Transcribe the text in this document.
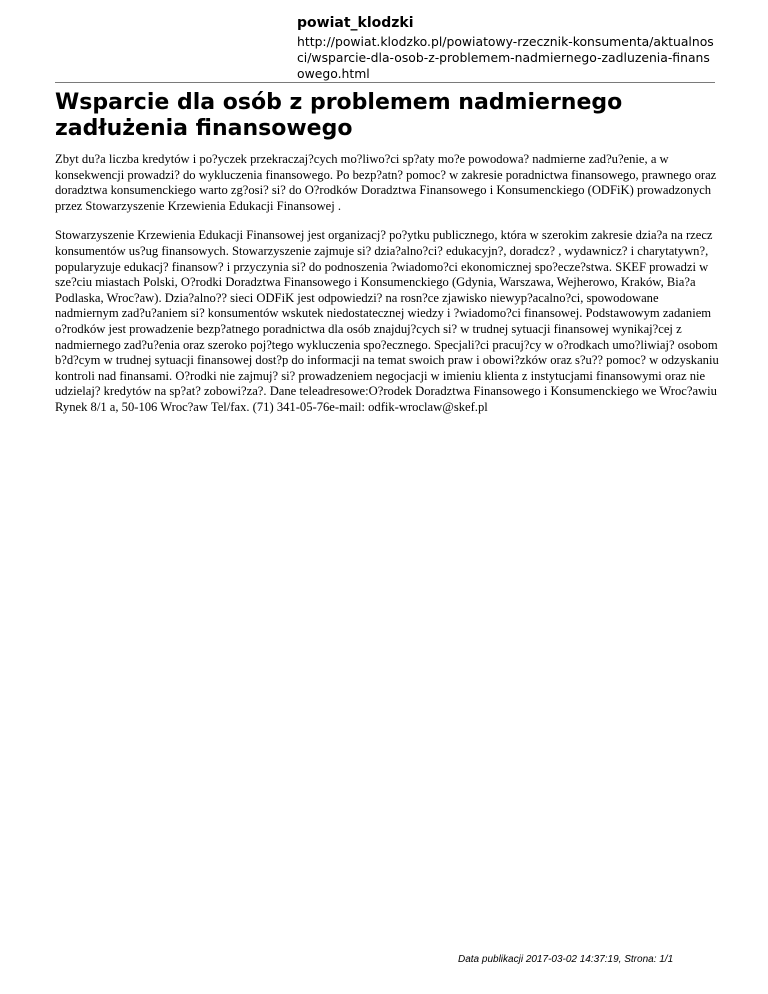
powiat_klodzki
http://powiat.klodzko.pl/powiatowy-rzecznik-konsumenta/aktualnosci/wsparcie-dla-osob-z-problemem-nadmiernego-zadluzenia-finansowego.html
Wsparcie dla osób z problemem nadmiernego zadłużenia finansowego

Zbyt du?a liczba kredytów i po?yczek przekraczaj?cych mo?liwo?ci sp?aty mo?e powodowa? nadmierne zad?u?enie, a w konsekwencji prowadzi? do wykluczenia finansowego. Po bezp?atn? pomoc? w zakresie poradnictwa finansowego, prawnego oraz doradztwa konsumenckiego warto zg?osi? si? do O?rodków Doradztwa Finansowego i Konsumenckiego (ODFiK) prowadzonych przez Stowarzyszenie Krzewienia Edukacji Finansowej .

Stowarzyszenie Krzewienia Edukacji Finansowej jest organizacj? po?ytku publicznego, która w szerokim zakresie dzia?a na rzecz konsumentów us?ug finansowych. Stowarzyszenie zajmuje si? dzia?alno?ci? edukacyjn?, doradcz? , wydawnicz? i charytatywn?, popularyzuje edukacj? finansow? i przyczynia si? do podnoszenia ?wiadomo?ci ekonomicznej spo?ecze?stwa. SKEF prowadzi w sze?ciu miastach Polski, O?rodki Doradztwa Finansowego i Konsumenckiego (Gdynia, Warszawa, Wejherowo, Kraków, Bia?a Podlaska, Wroc?aw). Dzia?alno?? sieci ODFiK jest odpowiedzi? na rosn?ce zjawisko niewyp?acalno?ci, spowodowane nadmiernym zad?u?aniem si? konsumentów wskutek niedostatecznej wiedzy i ?wiadomo?ci finansowej. Podstawowym zadaniem o?rodków jest prowadzenie bezp?atnego poradnictwa dla osób znajduj?cych si? w trudnej sytuacji finansowej wynikaj?cej z nadmiernego zad?u?enia oraz szeroko poj?tego wykluczenia spo?ecznego. Specjali?ci pracuj?cy w o?rodkach umo?liwiaj? osobom b?d?cym w trudnej sytuacji finansowej dost?p do informacji na temat swoich praw i obowi?zków oraz s?u?? pomoc? w odzyskaniu kontroli nad finansami. O?rodki nie zajmuj? si? prowadzeniem negocjacji w imieniu klienta z instytucjami finansowymi oraz nie udzielaj? kredytów na sp?at? zobowi?za?. Dane teleadresowe:O?rodek Doradztwa Finansowego i Konsumenckiego we Wroc?awiu Rynek 8/1 a, 50-106 Wroc?aw Tel/fax. (71) 341-05-76e-mail: odfik-wroclaw@skef.pl

Data publikacji 2017-03-02 14:37:19, Strona: 1/1
